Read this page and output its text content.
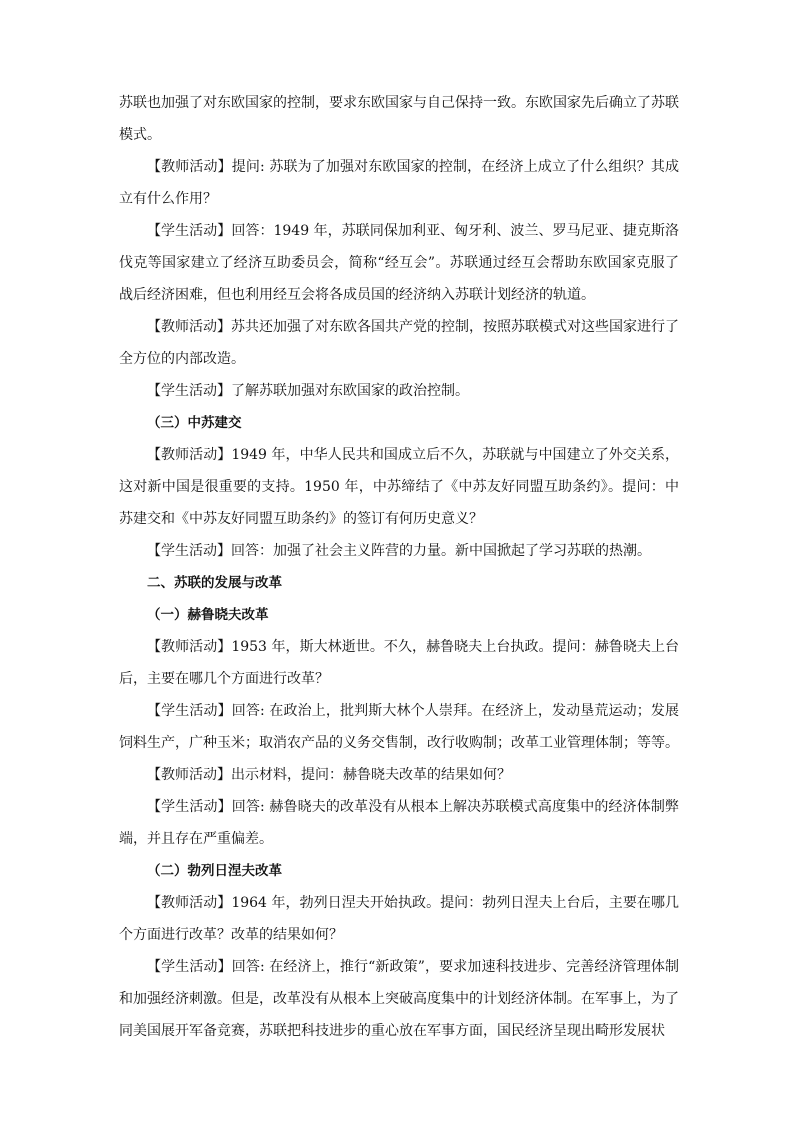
苏联也加强了对东欧国家的控制，要求东欧国家与自己保持一致。东欧国家先后确立了苏联模式。

【教师活动】提问: 苏联为了加强对东欧国家的控制，在经济上成立了什么组织？其成立有什么作用？

【学生活动】回答：1949 年，苏联同保加利亚、匈牙利、波兰、罗马尼亚、捷克斯洛伐克等国家建立了经济互助委员会，简称“经互会”。苏联通过经互会帮助东欧国家克服了战后经济困难，但也利用经互会将各成员国的经济纳入苏联计划经济的轨道。

【教师活动】苏共还加强了对东欧各国共产党的控制，按照苏联模式对这些国家进行了全方位的内部改造。

【学生活动】了解苏联加强对东欧国家的政治控制。

（三）中苏建交

【教师活动】1949 年，中华人民共和国成立后不久，苏联就与中国建立了外交关系，这对新中国是很重要的支持。1950 年，中苏缔结了《中苏友好同盟互助条约》。提问：中苏建交和《中苏友好同盟互助条约》的签订有何历史意义？

【学生活动】回答：加强了社会主义阵营的力量。新中国掀起了学习苏联的热潮。

二、苏联的发展与改革

（一）赫鲁晓夫改革

【教师活动】1953 年，斯大林逝世。不久，赫鲁晓夫上台执政。提问：赫鲁晓夫上台后，主要在哪几个方面进行改革？

【学生活动】回答: 在政治上，批判斯大林个人崇拜。在经济上，发动垦荒运动；发展饲料生产，广种玉米；取消农产品的义务交售制，改行收购制；改革工业管理体制；等等。

【教师活动】出示材料，提问：赫鲁晓夫改革的结果如何？

【学生活动】回答: 赫鲁晓夫的改革没有从根本上解决苏联模式高度集中的经济体制弊端，并且存在严重偏差。

（二）勃列日涅夫改革

【教师活动】1964 年，勃列日涅夫开始执政。提问：勃列日涅夫上台后，主要在哪几个方面进行改革？改革的结果如何？

【学生活动】回答: 在经济上，推行“新政策”，要求加速科技进步、完善经济管理体制和加强经济刺激。但是，改革没有从根本上突破高度集中的计划经济体制。在军事上，为了同美国展开军备竞赛，苏联把科技进步的重心放在军事方面，国民经济呈现出畸形发展状
